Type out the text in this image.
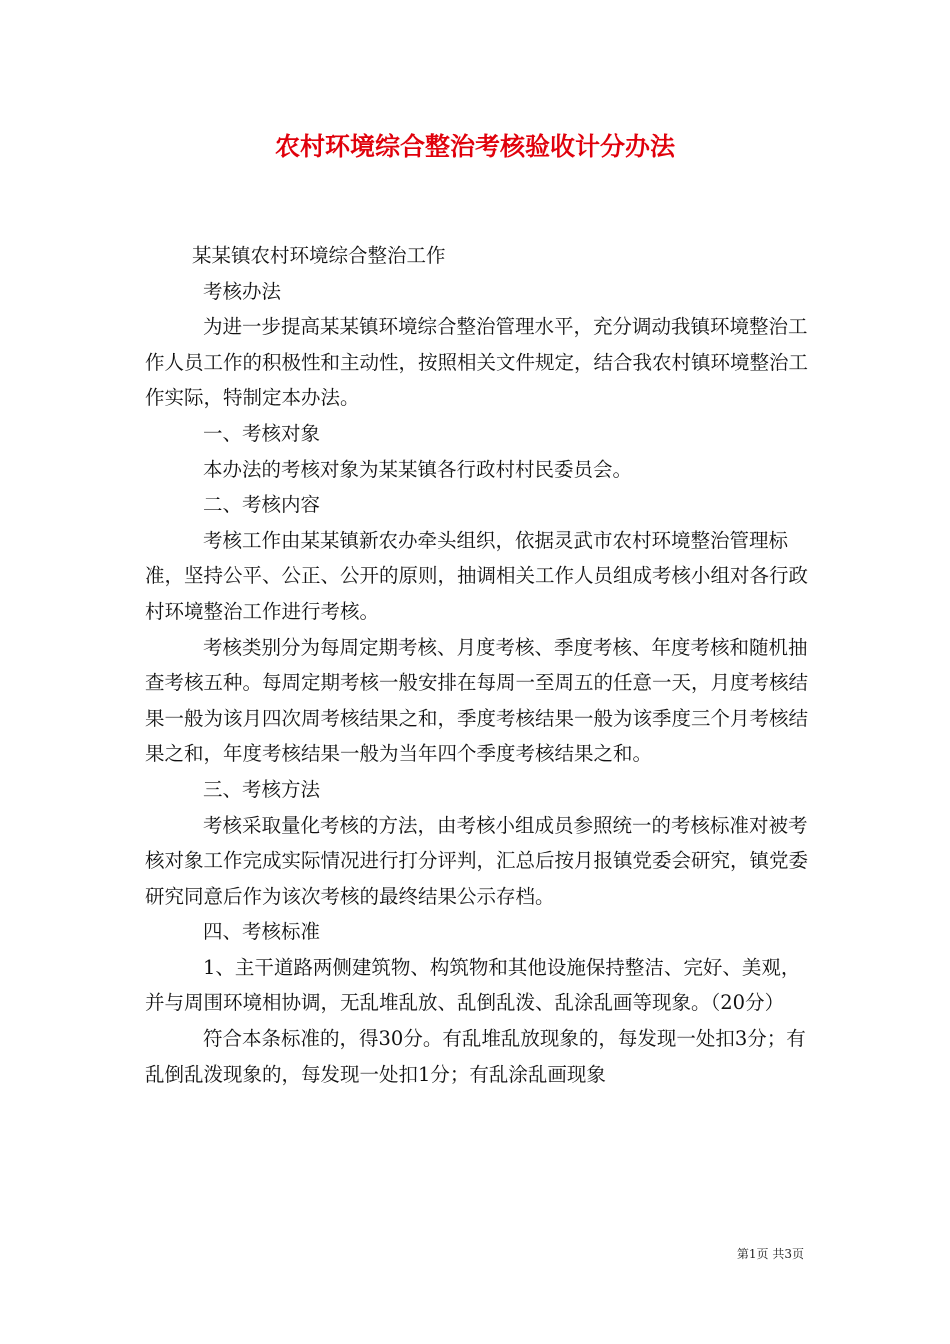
农村环境综合整治考核验收计分办法

某某镇农村环境综合整治工作

考核办法

为进一步提高某某镇环境综合整治管理水平，充分调动我镇环境整治工作人员工作的积极性和主动性，按照相关文件规定，结合我农村镇环境整治工作实际，特制定本办法。

一、考核对象

本办法的考核对象为某某镇各行政村村民委员会。

二、考核内容

考核工作由某某镇新农办牵头组织，依据灵武市农村环境整治管理标准，坚持公平、公正、公开的原则，抽调相关工作人员组成考核小组对各行政村环境整治工作进行考核。

考核类别分为每周定期考核、月度考核、季度考核、年度考核和随机抽查考核五种。每周定期考核一般安排在每周一至周五的任意一天，月度考核结果一般为该月四次周考核结果之和，季度考核结果一般为该季度三个月考核结果之和，年度考核结果一般为当年四个季度考核结果之和。

三、考核方法

考核采取量化考核的方法，由考核小组成员参照统一的考核标准对被考核对象工作完成实际情况进行打分评判，汇总后按月报镇党委会研究，镇党委研究同意后作为该次考核的最终结果公示存档。

四、考核标准

1、主干道路两侧建筑物、构筑物和其他设施保持整洁、完好、美观，并与周围环境相协调，无乱堆乱放、乱倒乱泼、乱涂乱画等现象。（20分）

符合本条标准的，得30分。有乱堆乱放现象的，每发现一处扣3分；有乱倒乱泼现象的，每发现一处扣1分；有乱涂乱画现象

第1页 共3页
